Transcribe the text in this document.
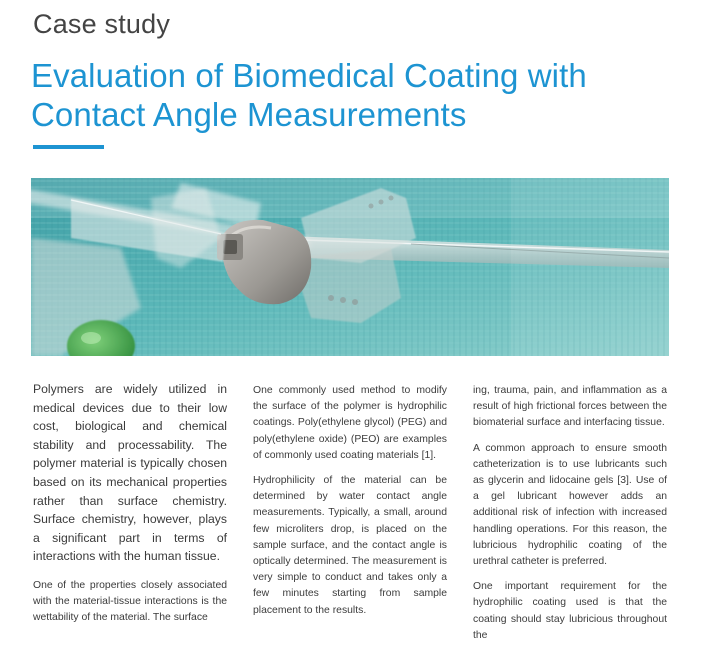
Case study
Evaluation of Biomedical Coating with Contact Angle Measurements

Polymers are widely utilized in medical devices due to their low cost, biological and chemical stability and processability. The polymer material is typically chosen based on its mechanical properties rather than surface chemistry. Surface chemistry, however, plays a significant part in terms of interactions with the human tissue.

One of the properties closely associated with the material-tissue interactions is the wettability of the material. The surface

One commonly used method to modify the surface of the polymer is hydrophilic coatings. Poly(ethylene glycol) (PEG) and poly(ethylene oxide) (PEO) are examples of commonly used coating materials [1].

Hydrophilicity of the material can be determined by water contact angle measurements. Typically, a small, around few microliters drop, is placed on the sample surface, and the contact angle is optically determined. The measurement is very simple to conduct and takes only a few minutes starting from sample placement to the results.

ing, trauma, pain, and inflammation as a result of high frictional forces between the biomaterial surface and interfacing tissue.

A common approach to ensure smooth catheterization is to use lubricants such as glycerin and lidocaine gels [3]. Use of a gel lubricant however adds an additional risk of infection with increased handling operations. For this reason, the lubricious hydrophilic coating of the urethral catheter is preferred.

One important requirement for the hydrophilic coating used is that the coating should stay lubricious throughout the
